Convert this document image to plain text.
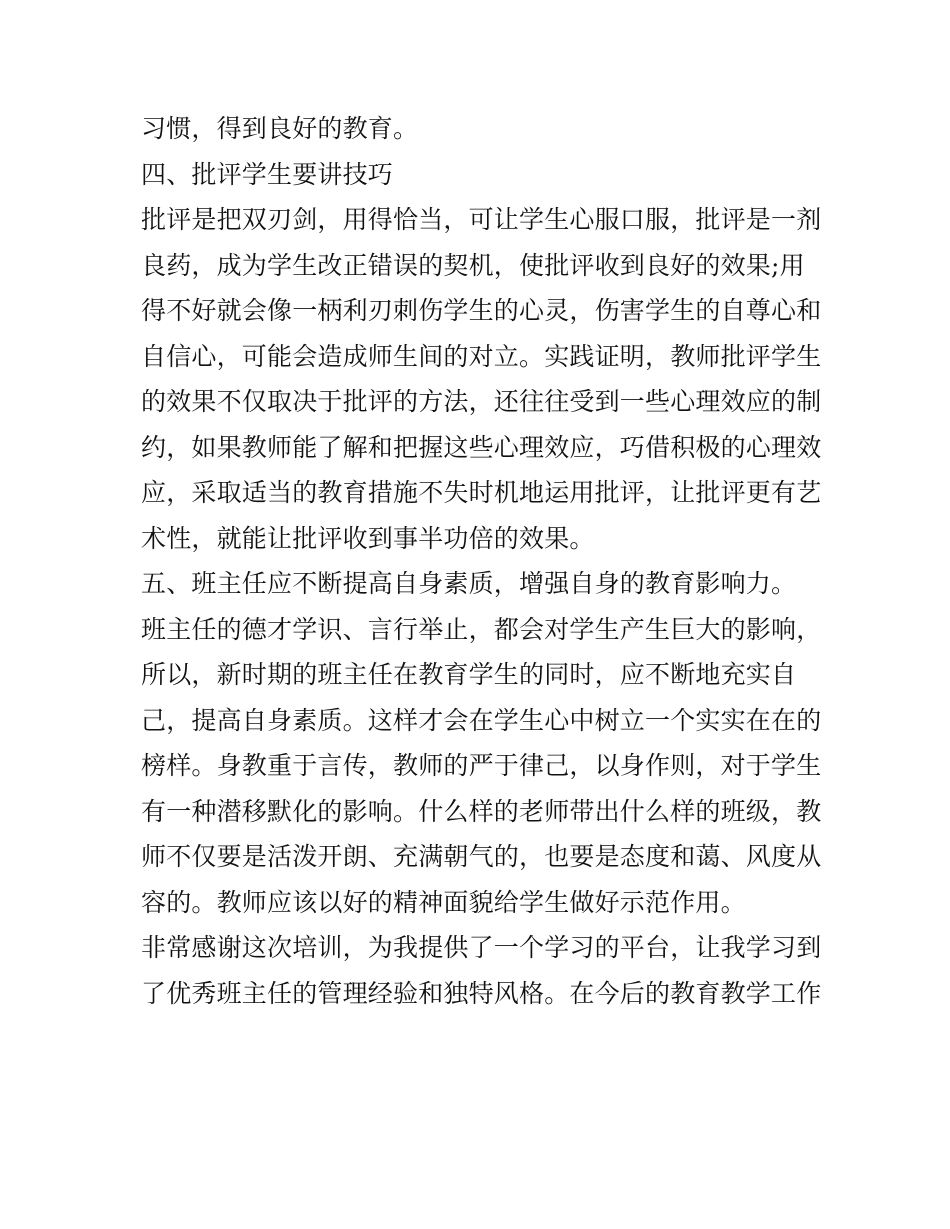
习惯，得到良好的教育。
四、批评学生要讲技巧
批评是把双刃剑，用得恰当，可让学生心服口服，批评是一剂
良药，成为学生改正错误的契机，使批评收到良好的效果;用
得不好就会像一柄利刃刺伤学生的心灵，伤害学生的自尊心和
自信心，可能会造成师生间的对立。实践证明，教师批评学生
的效果不仅取决于批评的方法，还往往受到一些心理效应的制
约，如果教师能了解和把握这些心理效应，巧借积极的心理效
应，采取适当的教育措施不失时机地运用批评，让批评更有艺
术性，就能让批评收到事半功倍的效果。
五、班主任应不断提高自身素质，增强自身的教育影响力。
班主任的德才学识、言行举止，都会对学生产生巨大的影响，
所以，新时期的班主任在教育学生的同时，应不断地充实自
己，提高自身素质。这样才会在学生心中树立一个实实在在的
榜样。身教重于言传，教师的严于律己，以身作则，对于学生
有一种潜移默化的影响。什么样的老师带出什么样的班级，教
师不仅要是活泼开朗、充满朝气的，也要是态度和蔼、风度从
容的。教师应该以好的精神面貌给学生做好示范作用。
非常感谢这次培训，为我提供了一个学习的平台，让我学习到
了优秀班主任的管理经验和独特风格。在今后的教育教学工作
